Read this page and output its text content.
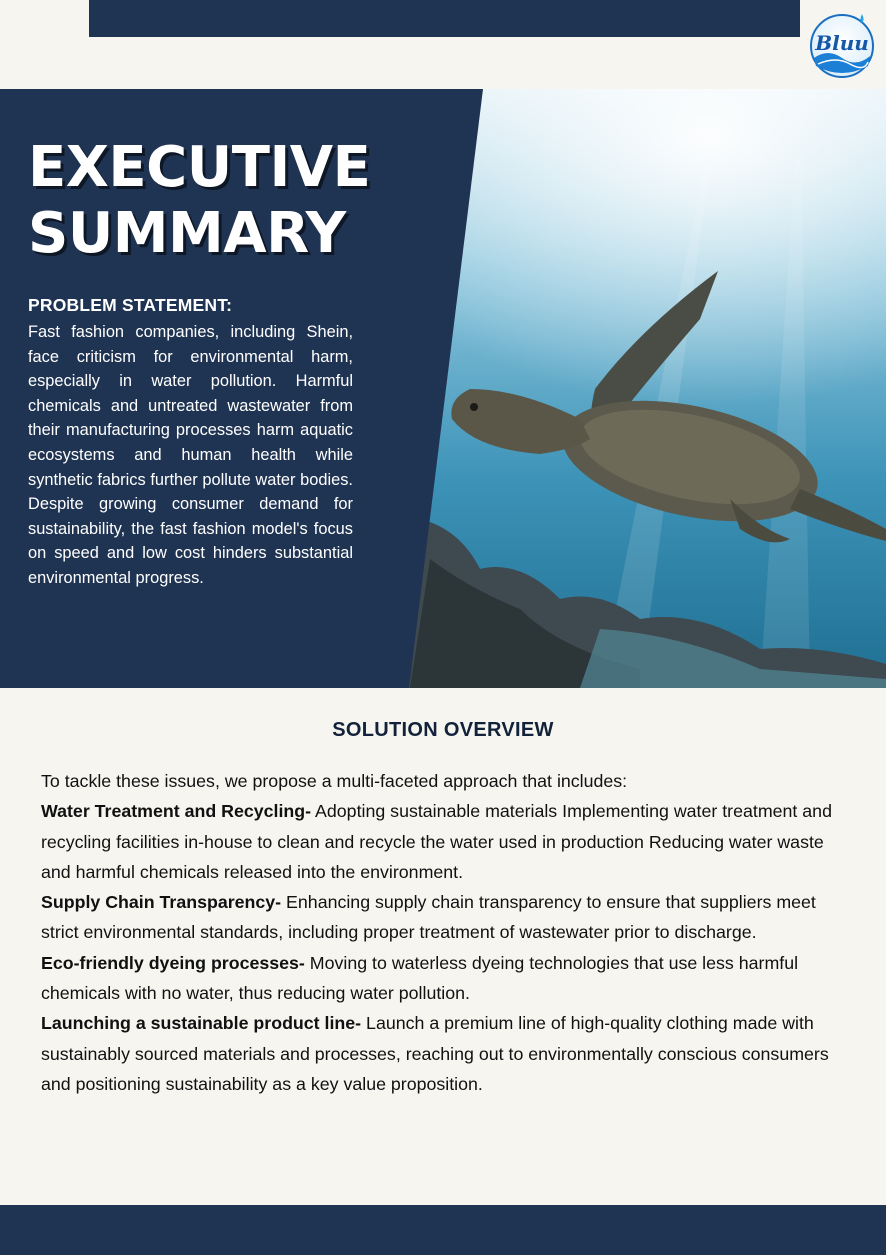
Bluu
EXECUTIVE
SUMMARY
PROBLEM STATEMENT:

Fast fashion companies, including Shein, face criticism for environmental harm, especially in water pollution. Harmful chemicals and untreated wastewater from their manufacturing processes harm aquatic ecosystems and human health while synthetic fabrics further pollute water bodies. Despite growing consumer demand for sustainability, the fast fashion model's focus on speed and low cost hinders substantial environmental progress.

SOLUTION OVERVIEW

To tackle these issues, we propose a multi-faceted approach that includes:

Water Treatment and Recycling- Adopting sustainable materials Implementing water treatment and recycling facilities in-house to clean and recycle the water used in production Reducing water waste and harmful chemicals released into the environment.

Supply Chain Transparency- Enhancing supply chain transparency to ensure that suppliers meet strict environmental standards, including proper treatment of wastewater prior to discharge.

Eco-friendly dyeing processes- Moving to waterless dyeing technologies that use less harmful chemicals with no water, thus reducing water pollution.

Launching a sustainable product line- Launch a premium line of high-quality clothing made with sustainably sourced materials and processes, reaching out to environmentally conscious consumers and positioning sustainability as a key value proposition.
